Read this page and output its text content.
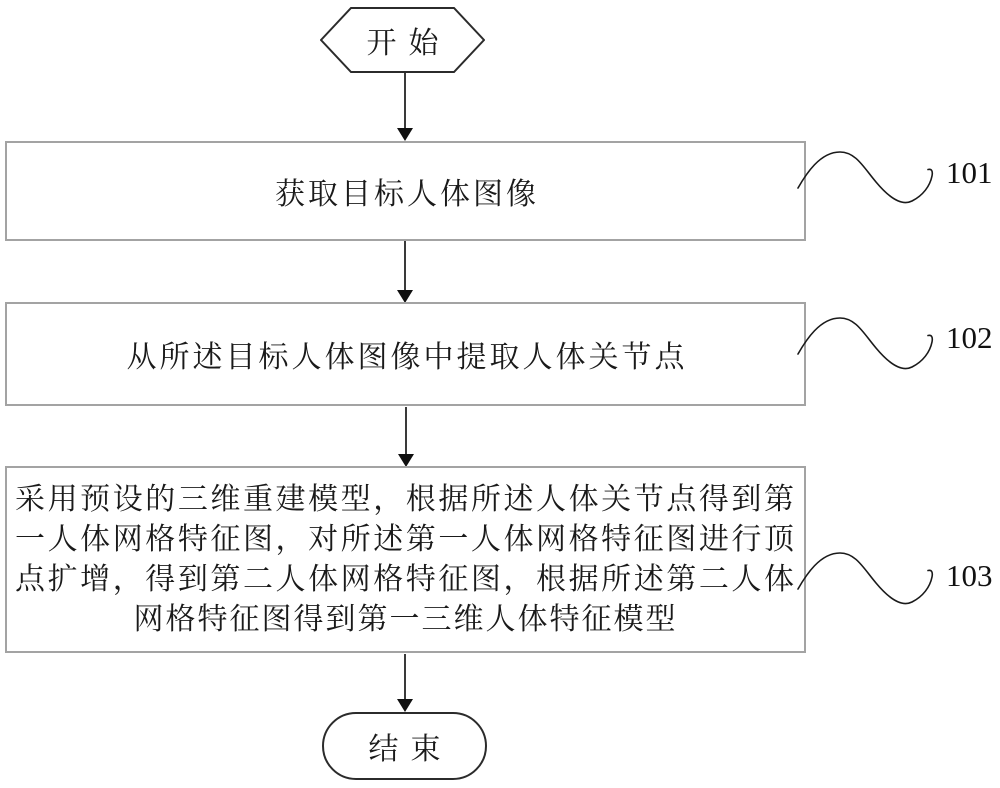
开始
获取目标人体图像
101
从所述目标人体图像中提取人体关节点
102
采用预设的三维重建模型，根据所述人体关节点得到第
一人体网格特征图，对所述第一人体网格特征图进行顶
点扩增，得到第二人体网格特征图，根据所述第二人体
网格特征图得到第一三维人体特征模型
103
结束
